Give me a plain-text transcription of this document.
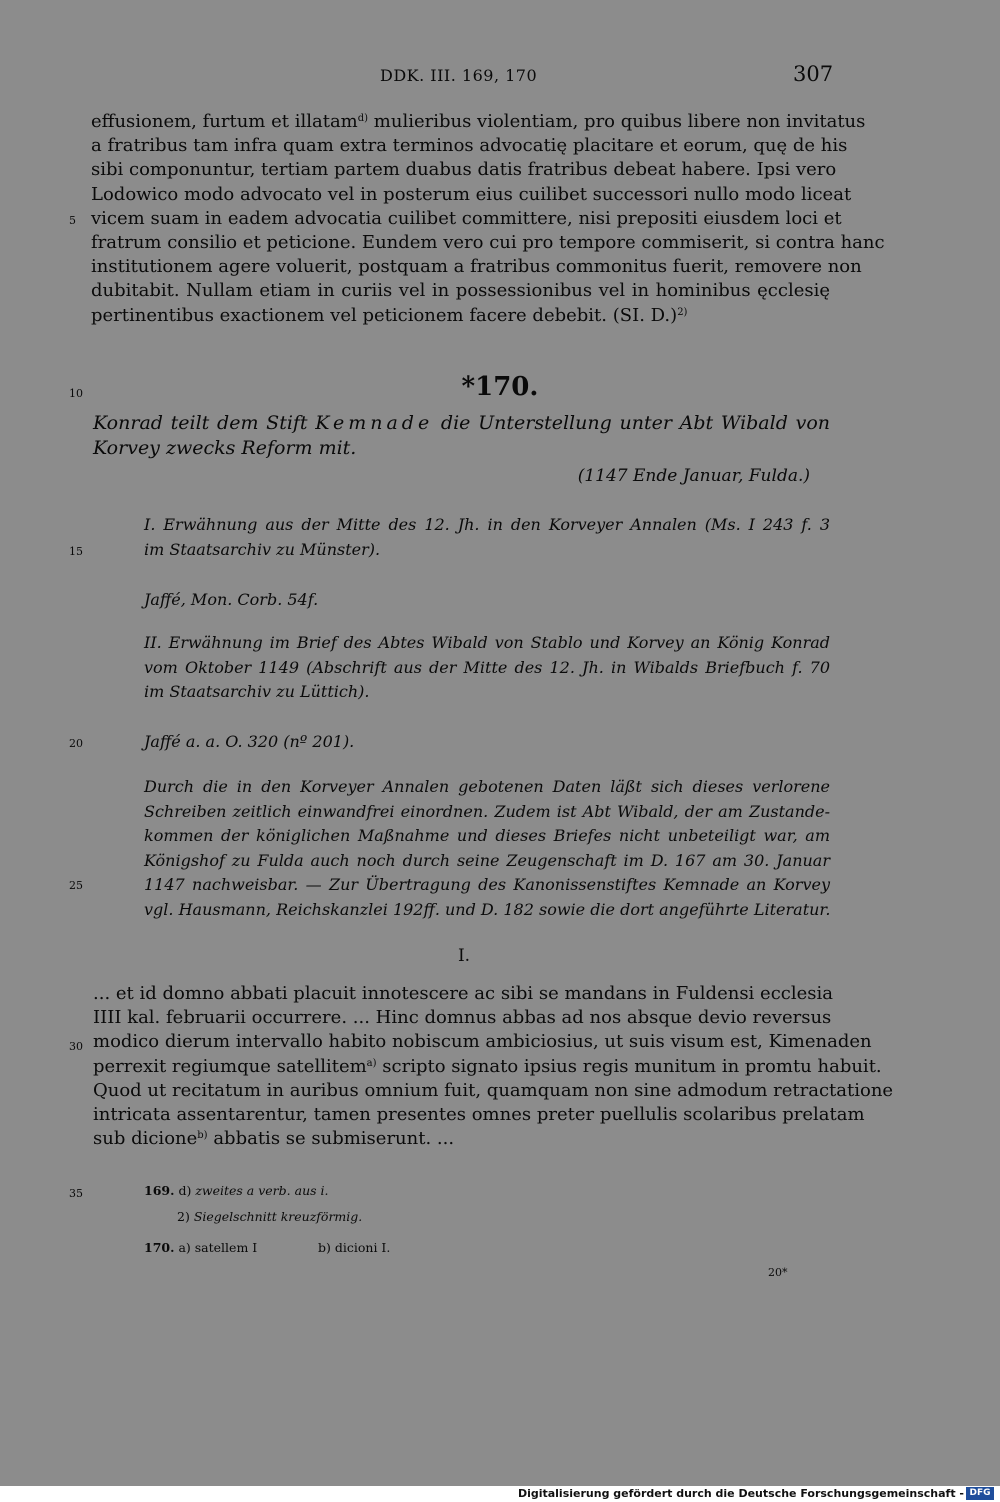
DDK. III. 169, 170	307
5
10
15
20
25
30
35
effusionem, furtum et illatam$^{d)}$ mulieribus violentiam, pro quibus libere non invitatus
a fratribus tam infra quam extra terminos advocatię placitare et eorum, quę de his
sibi componuntur, tertiam partem duabus datis fratribus debeat habere. Ipsi vero
Lodowico modo advocato vel in posterum eius cuilibet successori nullo modo liceat
vicem suam in eadem advocatia cuilibet committere, nisi prepositi eiusdem loci et
fratrum consilio et peticione. Eundem vero cui pro tempore commiserit, si contra hanc
institutionem agere voluerit, postquam a fratribus commonitus fuerit, removere non
dubitabit. Nullam etiam in curiis vel in possessionibus vel in hominibus ęcclesię
pertinentibus exactionem vel peticionem facere debebit. (SI. D.)$^{2)}$
*170.
Konrad teilt dem Stift Kemnade die Unterstellung unter Abt Wibald von
Korvey zwecks Reform mit.
(1147 Ende Januar, Fulda.)
I. Erwähnung aus der Mitte des 12. Jh. in den Korveyer Annalen (Ms. I 243 f. 3
im Staatsarchiv zu Münster).
Jaffé, Mon. Corb. 54f.
II. Erwähnung im Brief des Abtes Wibald von Stablo und Korvey an König Konrad
vom Oktober 1149 (Abschrift aus der Mitte des 12. Jh. in Wibalds Briefbuch f. 70
im Staatsarchiv zu Lüttich).
Jaffé a. a. O. 320 (nº 201).
Durch die in den Korveyer Annalen gebotenen Daten läßt sich dieses verlorene
Schreiben zeitlich einwandfrei einordnen. Zudem ist Abt Wibald, der am Zustande-
kommen der königlichen Maßnahme und dieses Briefes nicht unbeteiligt war, am
Königshof zu Fulda auch noch durch seine Zeugenschaft im D. 167 am 30. Januar
1147 nachweisbar. — Zur Übertragung des Kanonissenstiftes Kemnade an Korvey
vgl. Hausmann, Reichskanzlei 192ff. und D. 182 sowie die dort angeführte Literatur.
I.
... et id domno abbati placuit innotescere ac sibi se mandans in Fuldensi ecclesia
IIII kal. februarii occurrere. ... Hinc domnus abbas ad nos absque devio reversus
modico dierum intervallo habito nobiscum ambiciosius, ut suis visum est, Kimenaden
perrexit regiumque satellitem$^{a)}$ scripto signato ipsius regis munitum in promtu habuit.
Quod ut recitatum in auribus omnium fuit, quamquam non sine admodum retractatione
intricata assentarentur, tamen presentes omnes preter puellulis scolaribus prelatam
sub dicione$^{b)}$ abbatis se submiserunt. ...
169. d) zweites a verb. aus i.
2) Siegelschnitt kreuzförmig.
170. a) satellem I	b) dicioni I.
20*
Digitalisierung gefördert durch die Deutsche Forschungsgemeinschaft - DFG
